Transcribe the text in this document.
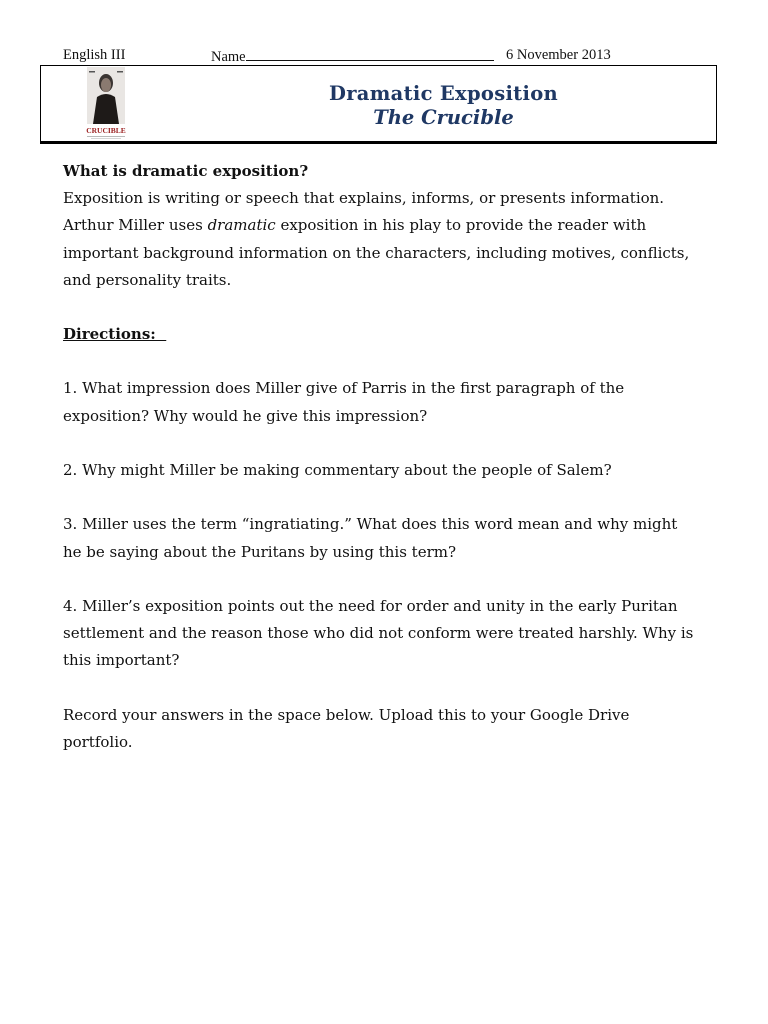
English III	Name	6 November 2013
CRUCIBLE
Dramatic Exposition
The Crucible

What is dramatic exposition?

Exposition is writing or speech that explains, informs, or presents information.

Arthur Miller uses dramatic exposition in his play to provide the reader with

important background information on the characters, including motives, conflicts,

and personality traits.

Directions:

1. What impression does Miller give of Parris in the first paragraph of the

exposition? Why would he give this impression?

2. Why might Miller be making commentary about the people of Salem?

3. Miller uses the term “ingratiating.” What does this word mean and why might

he be saying about the Puritans by using this term?

4. Miller’s exposition points out the need for order and unity in the early Puritan

settlement and the reason those who did not conform were treated harshly. Why is

this important?

Record your answers in the space below. Upload this to your Google Drive

portfolio.
